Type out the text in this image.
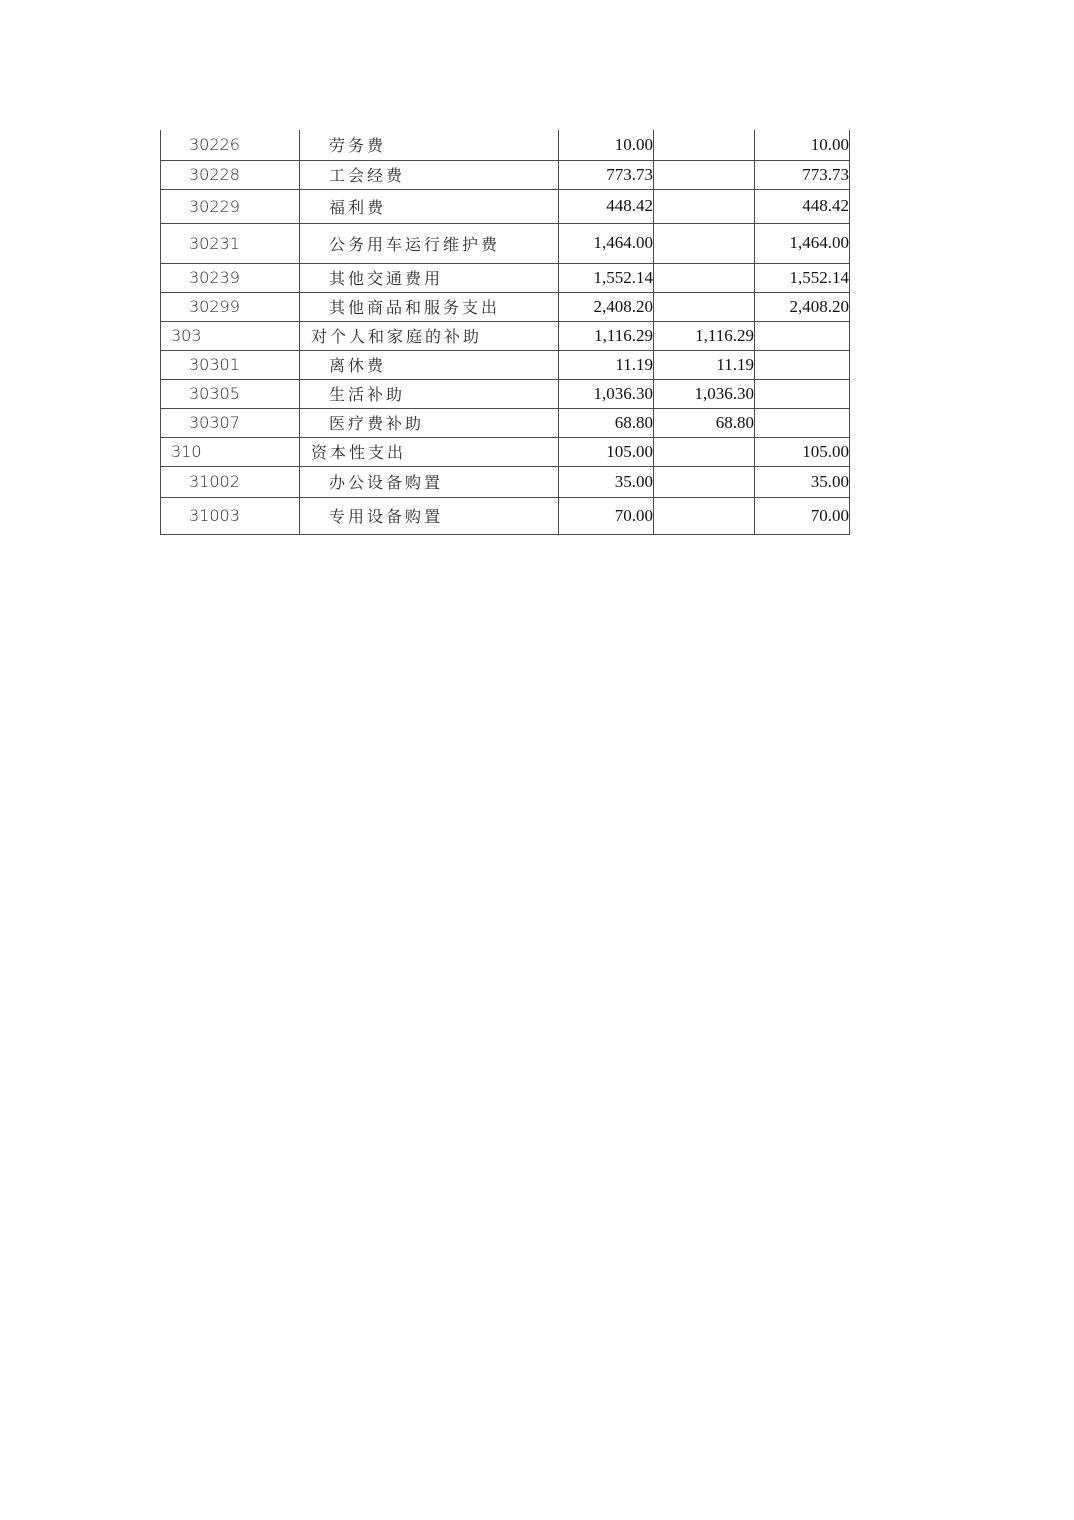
30226	劳务费	10.00		10.00
30228	工会经费	773.73		773.73
30229	福利费	448.42		448.42
30231	公务用车运行维护费	1,464.00		1,464.00
30239	其他交通费用	1,552.14		1,552.14
30299	其他商品和服务支出	2,408.20		2,408.20
303	对个人和家庭的补助	1,116.29	1,116.29	
30301	离休费	11.19	11.19	
30305	生活补助	1,036.30	1,036.30	
30307	医疗费补助	68.80	68.80	
310	资本性支出	105.00		105.00
31002	办公设备购置	35.00		35.00
31003	专用设备购置	70.00		70.00
